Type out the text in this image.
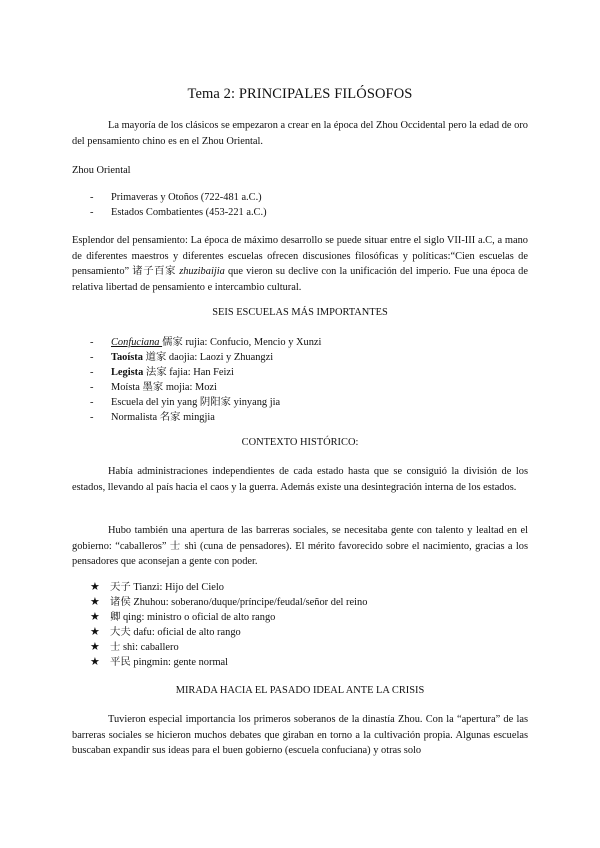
Tema 2: PRINCIPALES FILÓSOFOS

La mayoría de los clásicos se empezaron a crear en la época del Zhou Occidental pero la edad de oro del pensamiento chino es en el Zhou Oriental.

Zhou Oriental

- Primaveras y Otoños (722-481 a.C.)
- Estados Combatientes (453-221 a.C.)

Esplendor del pensamiento: La época de máximo desarrollo se puede situar entre el siglo VII-III a.C, a mano de diferentes maestros y diferentes escuelas ofrecen discusiones filosóficas y políticas:“Cien escuelas de pensamiento” 诸子百家 zhuzibaijia que vieron su declive con la unificación del imperio. Fue una época de relativa libertad de pensamiento e intercambio cultural.

SEIS ESCUELAS MÁS IMPORTANTES
- Confuciana 儒家 rujia: Confucio, Mencio y Xunzi
- Taoísta 道家 daojia: Laozi y Zhuangzi
- Legista 法家 fajia: Han Feizi
- Moísta 墨家 mojia: Mozi
- Escuela del yin yang 阴阳家 yinyang jia
- Normalista 名家 mingjia
CONTEXTO HISTÓRICO:

Había administraciones independientes de cada estado hasta que se consiguió la división de los estados, llevando al país hacia el caos y la guerra. Además existe una desintegración interna de los estados.

Hubo también una apertura de las barreras sociales, se necesitaba gente con talento y lealtad en el gobierno: “caballeros” 士 shì (cuna de pensadores). El mérito favorecido sobre el nacimiento, gracias a los pensadores que aconsejan a gente con poder.

★ 天子 Tianzi: Hijo del Cielo
★ 诸侯 Zhuhou: soberano/duque/príncipe/feudal/señor del reino
★ 卿 qing: ministro o oficial de alto rango
★ 大夫 dafu: oficial de alto rango
★ 士 shì: caballero
★ 平民 pingmin: gente normal
MIRADA HACIA EL PASADO IDEAL ANTE LA CRISIS

Tuvieron especial importancia los primeros soberanos de la dinastía Zhou. Con la “apertura” de las barreras sociales se hicieron muchos debates que giraban en torno a la cultivación propia. Algunas escuelas buscaban expandir sus ideas para el buen gobierno (escuela confuciana) y otras solo
